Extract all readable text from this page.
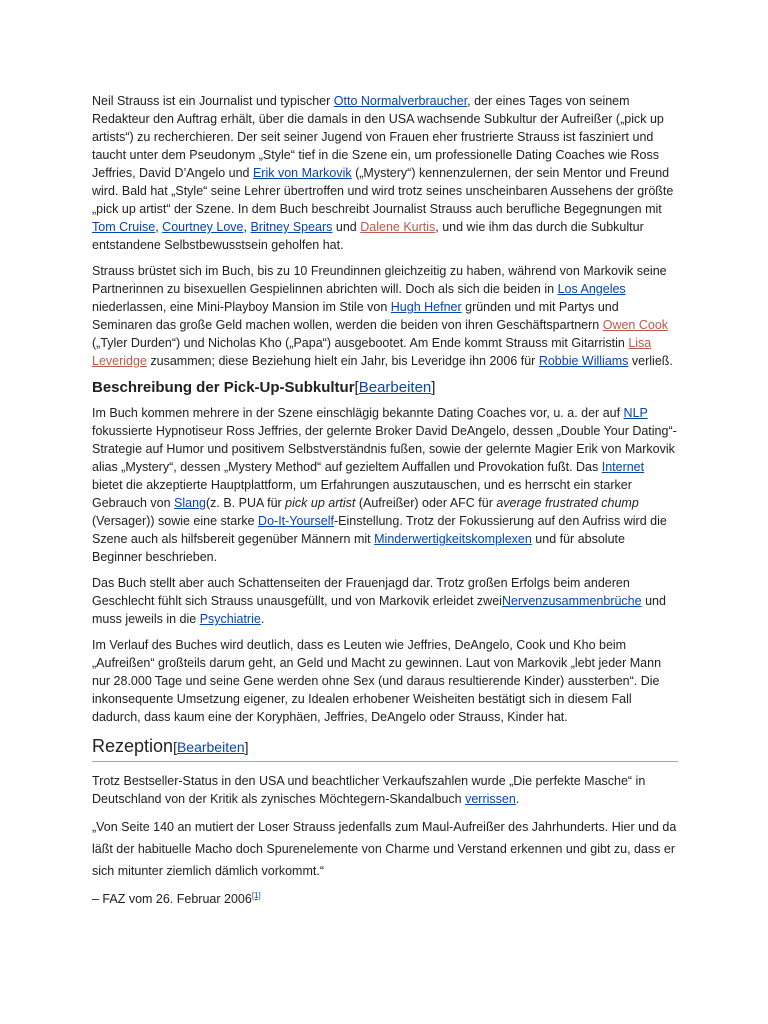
Neil Strauss ist ein Journalist und typischer Otto Normalverbraucher, der eines Tages von seinem Redakteur den Auftrag erhält, über die damals in den USA wachsende Subkultur der Aufreißer („pick up artists“) zu recherchieren. Der seit seiner Jugend von Frauen eher frustrierte Strauss ist fasziniert und taucht unter dem Pseudonym „Style“ tief in die Szene ein, um professionelle Dating Coaches wie Ross Jeffries, David D’Angelo und Erik von Markovik („Mystery“) kennenzulernen, der sein Mentor und Freund wird. Bald hat „Style“ seine Lehrer übertroffen und wird trotz seines unscheinbaren Aussehens der größte „pick up artist“ der Szene. In dem Buch beschreibt Journalist Strauss auch berufliche Begegnungen mit Tom Cruise, Courtney Love, Britney Spears und Dalene Kurtis, und wie ihm das durch die Subkultur entstandene Selbstbewusstsein geholfen hat.

Strauss brüstet sich im Buch, bis zu 10 Freundinnen gleichzeitig zu haben, während von Markovik seine Partnerinnen zu bisexuellen Gespielinnen abrichten will. Doch als sich die beiden in Los Angeles niederlassen, eine Mini-Playboy Mansion im Stile von Hugh Hefner gründen und mit Partys und Seminaren das große Geld machen wollen, werden die beiden von ihren Geschäftspartnern Owen Cook („Tyler Durden“) und Nicholas Kho („Papa“) ausgebootet. Am Ende kommt Strauss mit Gitarristin Lisa Leveridge zusammen; diese Beziehung hielt ein Jahr, bis Leveridge ihn 2006 für Robbie Williams verließ.

Beschreibung der Pick-Up-Subkultur[Bearbeiten]

Im Buch kommen mehrere in der Szene einschlägig bekannte Dating Coaches vor, u. a. der auf NLP fokussierte Hypnotiseur Ross Jeffries, der gelernte Broker David DeAngelo, dessen „Double Your Dating“-Strategie auf Humor und positivem Selbstverständnis fußen, sowie der gelernte Magier Erik von Markovik alias „Mystery“, dessen „Mystery Method“ auf gezieltem Auffallen und Provokation fußt. Das Internet bietet die akzeptierte Hauptplattform, um Erfahrungen auszutauschen, und es herrscht ein starker Gebrauch von Slang(z. B. PUA für pick up artist (Aufreißer) oder AFC für average frustrated chump (Versager)) sowie eine starke Do-It-Yourself-Einstellung. Trotz der Fokussierung auf den Aufriss wird die Szene auch als hilfsbereit gegenüber Männern mit Minderwertigkeitskomplexen und für absolute Beginner beschrieben.

Das Buch stellt aber auch Schattenseiten der Frauenjagd dar. Trotz großen Erfolgs beim anderen Geschlecht fühlt sich Strauss unausgefüllt, und von Markovik erleidet zweiNervenzusammenbrüche und muss jeweils in die Psychiatrie.

Im Verlauf des Buches wird deutlich, dass es Leuten wie Jeffries, DeAngelo, Cook und Kho beim „Aufreißen“ großteils darum geht, an Geld und Macht zu gewinnen. Laut von Markovik „lebt jeder Mann nur 28.000 Tage und seine Gene werden ohne Sex (und daraus resultierende Kinder) aussterben“. Die inkonsequente Umsetzung eigener, zu Idealen erhobener Weisheiten bestätigt sich in diesem Fall dadurch, dass kaum eine der Koryphäen, Jeffries, DeAngelo oder Strauss, Kinder hat.

Rezeption[Bearbeiten]

Trotz Bestseller-Status in den USA und beachtlicher Verkaufszahlen wurde „Die perfekte Masche“ in Deutschland von der Kritik als zynisches Möchtegern-Skandalbuch verrissen.

„Von Seite 140 an mutiert der Loser Strauss jedenfalls zum Maul-Aufreißer des Jahrhunderts. Hier und da läßt der habituelle Macho doch Spurenelemente von Charme und Verstand erkennen und gibt zu, dass er sich mitunter ziemlich dämlich vorkommt.“

– FAZ vom 26. Februar 2006[1]
